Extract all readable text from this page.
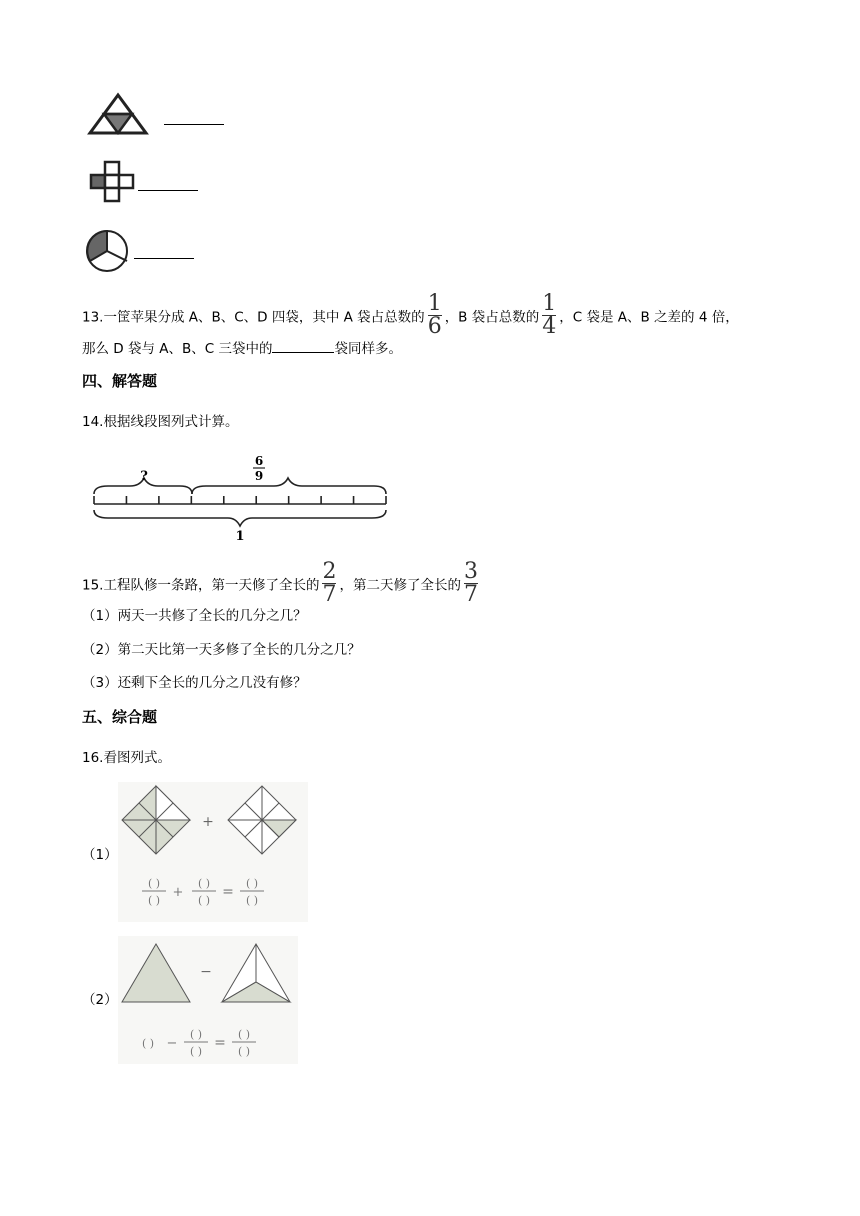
13.一筐苹果分成 A、B、C、D 四袋，其中 A 袋占总数的 $\frac{1}{6}$ ，B 袋占总数的 $\frac{1}{4}$ ，C 袋是 A、B 之差的 4 倍，
那么 D 袋与 A、B、C 三袋中的	袋同样多。
四、解答题
14.根据线段图列式计算。
?
6
9
1
15.工程队修一条路，第一天修了全长的 $\frac{2}{7}$ ，第二天修了全长的 $\frac{3}{7}$
（1）两天一共修了全长的几分之几？
（2）第二天比第一天多修了全长的几分之几？
（3）还剩下全长的几分之几没有修？
五、综合题
16.看图列式。
（1）
+
( )
( )
+
( )
( )
=
( )
( )
（2）
−
( ) −
( )
( )
=
( )
( )
